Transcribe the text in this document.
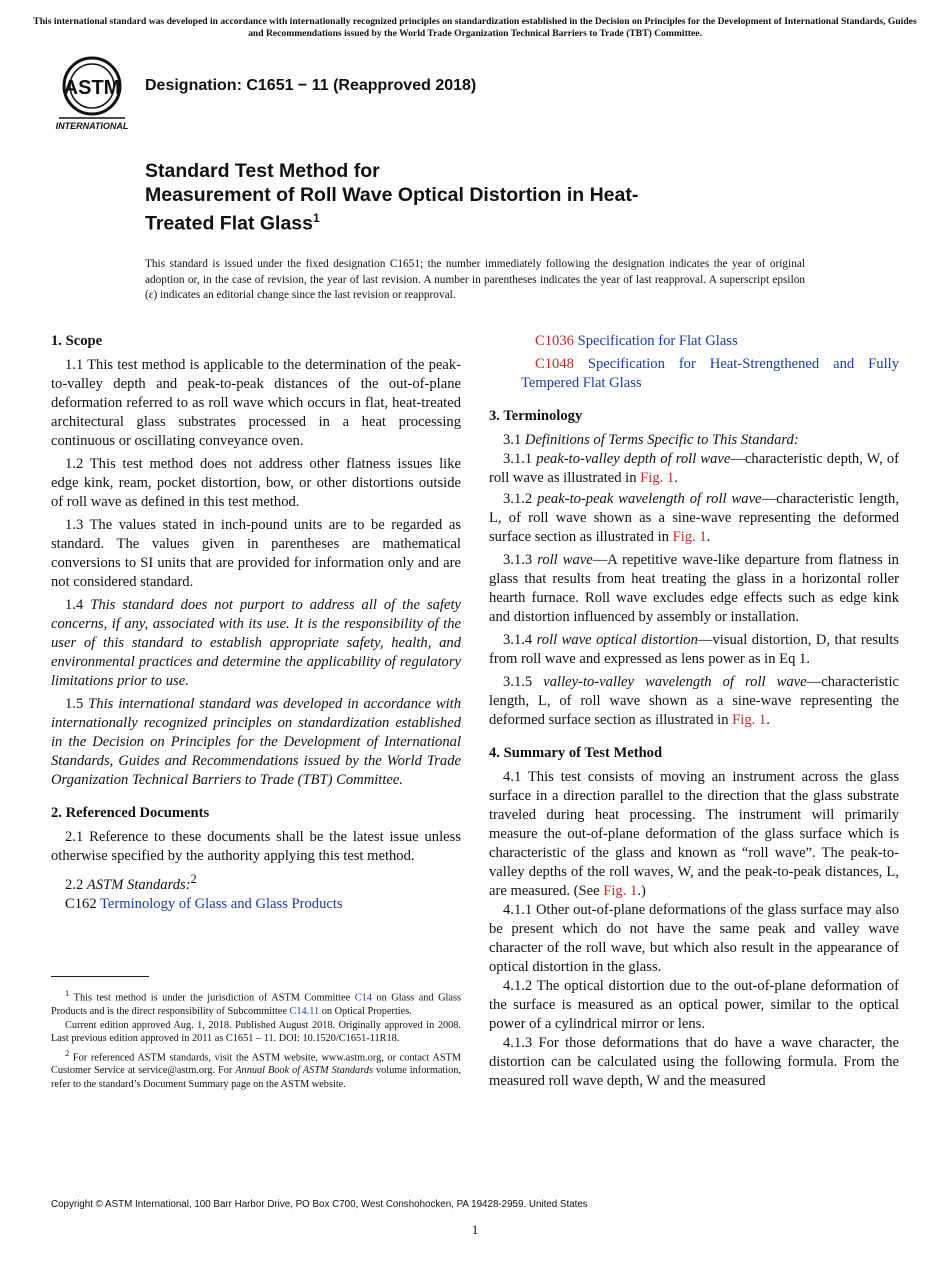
This international standard was developed in accordance with internationally recognized principles on standardization established in the Decision on Principles for the Development of International Standards, Guides and Recommendations issued by the World Trade Organization Technical Barriers to Trade (TBT) Committee.
ASTM
INTERNATIONAL
Designation: C1651 − 11 (Reapproved 2018)
Standard Test Method for
Measurement of Roll Wave Optical Distortion in Heat-
Treated Flat Glass$^1$
This standard is issued under the fixed designation C1651; the number immediately following the designation indicates the year of original adoption or, in the case of revision, the year of last revision. A number in parentheses indicates the year of last reapproval. A superscript epsilon (ε) indicates an editorial change since the last revision or reapproval.
1. Scope

1.1 This test method is applicable to the determination of the peak-to-valley depth and peak-to-peak distances of the out-of-plane deformation referred to as roll wave which occurs in flat, heat-treated architectural glass substrates processed in a heat processing continuous or oscillating conveyance oven.

1.2 This test method does not address other flatness issues like edge kink, ream, pocket distortion, bow, or other distortions outside of roll wave as defined in this test method.

1.3 The values stated in inch-pound units are to be regarded as standard. The values given in parentheses are mathematical conversions to SI units that are provided for information only and are not considered standard.

1.4 This standard does not purport to address all of the safety concerns, if any, associated with its use. It is the responsibility of the user of this standard to establish appropriate safety, health, and environmental practices and determine the applicability of regulatory limitations prior to use.

1.5 This international standard was developed in accordance with internationally recognized principles on standardization established in the Decision on Principles for the Development of International Standards, Guides and Recommendations issued by the World Trade Organization Technical Barriers to Trade (TBT) Committee.

2. Referenced Documents

2.1 Reference to these documents shall be the latest issue unless otherwise specified by the authority applying this test method.

2.2 ASTM Standards:$^2$

C162 Terminology of Glass and Glass Products

$^1$ This test method is under the jurisdiction of ASTM Committee C14 on Glass and Glass Products and is the direct responsibility of Subcommittee C14.11 on Optical Properties.

Current edition approved Aug. 1, 2018. Published August 2018. Originally approved in 2008. Last previous edition approved in 2011 as C1651 – 11. DOI: 10.1520/C1651-11R18.

$^2$ For referenced ASTM standards, visit the ASTM website, www.astm.org, or contact ASTM Customer Service at service@astm.org. For Annual Book of ASTM Standards volume information, refer to the standard’s Document Summary page on the ASTM website.

C1036 Specification for Flat Glass

C1048 Specification for Heat-Strengthened and Fully Tempered Flat Glass

3. Terminology

3.1 Definitions of Terms Specific to This Standard:

3.1.1 peak-to-valley depth of roll wave—characteristic depth, W, of roll wave as illustrated in Fig. 1.

3.1.2 peak-to-peak wavelength of roll wave—characteristic length, L, of roll wave shown as a sine-wave representing the deformed surface section as illustrated in Fig. 1.

3.1.3 roll wave—A repetitive wave-like departure from flatness in glass that results from heat treating the glass in a horizontal roller hearth furnace. Roll wave excludes edge effects such as edge kink and distortion influenced by assembly or installation.

3.1.4 roll wave optical distortion—visual distortion, D, that results from roll wave and expressed as lens power as in Eq 1.

3.1.5 valley-to-valley wavelength of roll wave—characteristic length, L, of roll wave shown as a sine-wave representing the deformed surface section as illustrated in Fig. 1.

4. Summary of Test Method

4.1 This test consists of moving an instrument across the glass surface in a direction parallel to the direction that the glass substrate traveled during heat processing. The instrument will primarily measure the out-of-plane deformation of the glass surface which is characteristic of the glass and known as “roll wave”. The peak-to-valley depths of the roll waves, W, and the peak-to-peak distances, L, are measured. (See Fig. 1.)

4.1.1 Other out-of-plane deformations of the glass surface may also be present which do not have the same peak and valley wave character of the roll wave, but which also result in the appearance of optical distortion in the glass.

4.1.2 The optical distortion due to the out-of-plane deformation of the surface is measured as an optical power, similar to the optical power of a cylindrical mirror or lens.

4.1.3 For those deformations that do have a wave character, the distortion can be calculated using the following formula. From the measured roll wave depth, W and the measured

Copyright © ASTM International, 100 Barr Harbor Drive, PO Box C700, West Conshohocken, PA 19428-2959. United States
1
